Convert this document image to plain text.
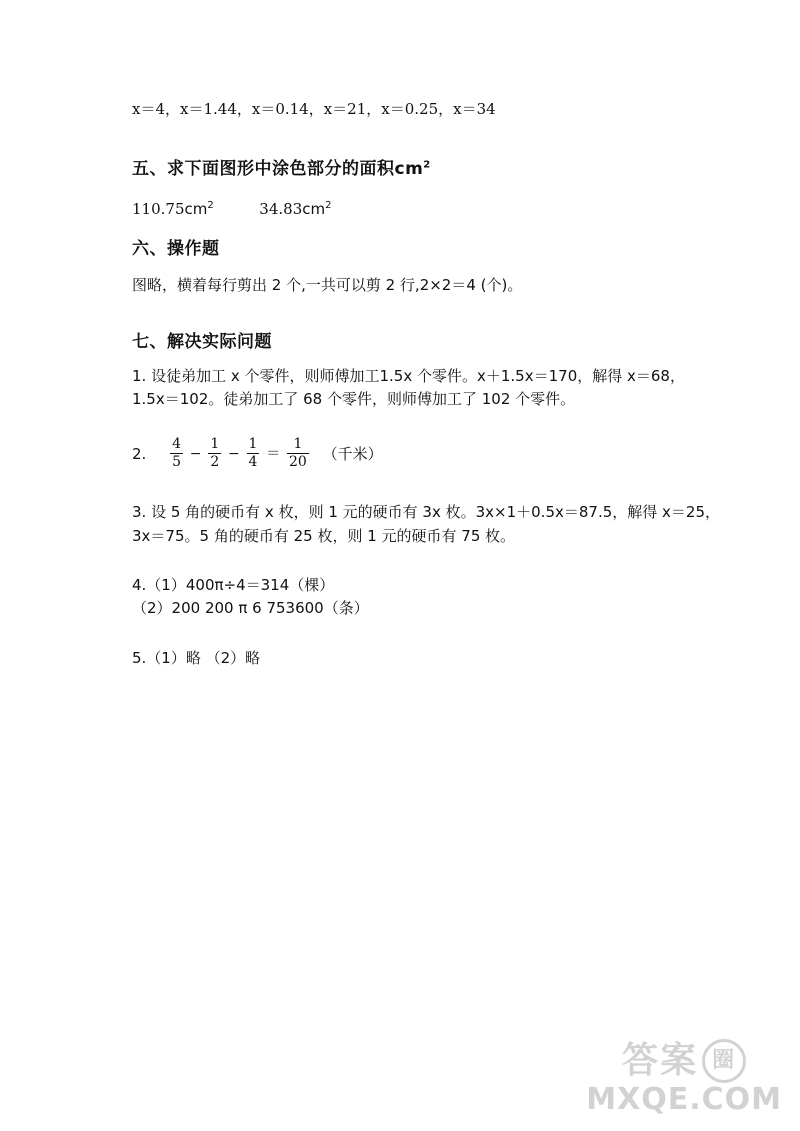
x＝4，x＝1.44，x＝0.14，x＝21，x＝0.25，x＝34
五、求下面图形中涂色部分的面积$cm^2$
$110.75cm^2$	$34.83cm^2$
六、操作题
图略，横着每行剪出 2 个,一共可以剪 2 行,2×2＝4 (个)。
七、解决实际问题
1. 设徒弟加工 x 个零件，则师傅加工1.5x 个零件。x＋1.5x＝170，解得 x＝68，
1.5x＝102。徒弟加工了 68 个零件，则师傅加工了 102 个零件。
2. $\frac{4}{5} - \frac{1}{2} - \frac{1}{4} = \frac{1}{20}$ （千米）
3. 设 5 角的硬币有 x 枚，则 1 元的硬币有 3x 枚。3x×1＋0.5x＝87.5，解得 x＝25，
3x＝75。5 角的硬币有 25 枚，则 1 元的硬币有 75 枚。
4.（1）400π÷4＝314（棵）
（2）200 200 π 6 753600（条）
5.（1）略 （2）略
答案 圈
MXQE.COM
